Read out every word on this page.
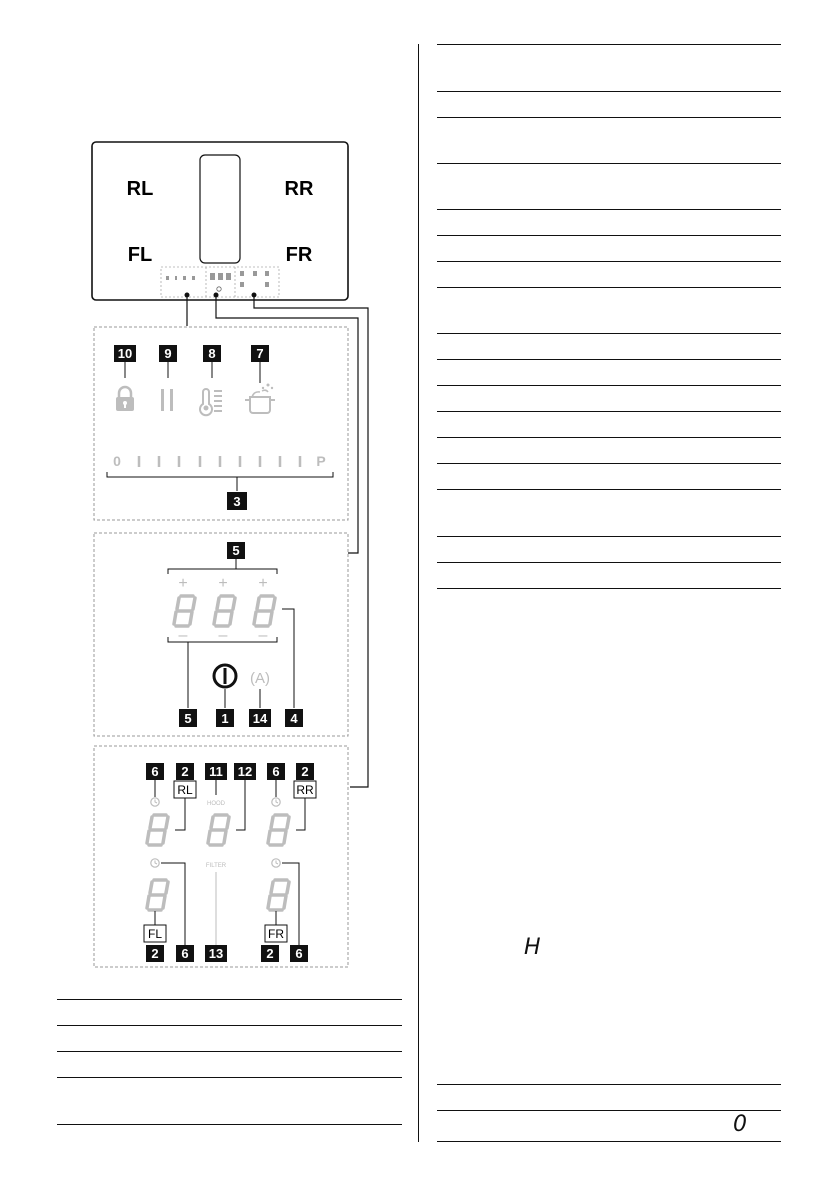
RL	RR
FL	FR
10 9	8	7
0	P
3
5
+ + +
– – –
(A)
5 1 14 4
6 2 11 12 6 2
RL	RR
HOOD
FILTER
FL	FR
2 6 13	2 6	H
0
